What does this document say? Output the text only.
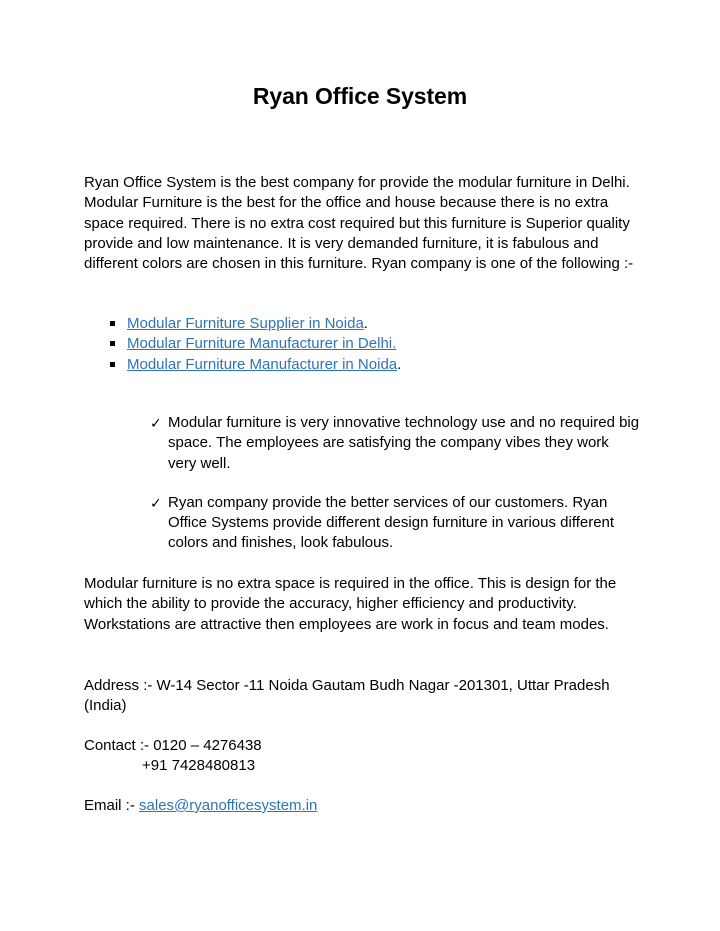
Ryan Office System

Ryan Office System is the best company for provide the modular furniture in Delhi. Modular Furniture is the best for the office and house because there is no extra space required. There is no extra cost required but this furniture is Superior quality provide and low maintenance. It is very demanded furniture, it is fabulous and different colors are chosen in this furniture. Ryan company is one of the following :-

Modular Furniture Supplier in Noida.
Modular Furniture Manufacturer in Delhi.
Modular Furniture Manufacturer in Noida.
✓ Modular furniture is very innovative technology use and no required big space. The employees are satisfying the company vibes they work very well.
✓ Ryan company provide the better services of our customers. Ryan Office Systems provide different design furniture in various different colors and finishes, look fabulous.

Modular furniture is no extra space is required in the office. This is design for the which the ability to provide the accuracy, higher efficiency and productivity. Workstations are attractive then employees are work in focus and team modes.

Address :- W-14 Sector -11 Noida Gautam Budh Nagar -201301, Uttar Pradesh

(India)

Contact :- 0120 – 4276438

+91 7428480813

Email :- sales@ryanofficesystem.in
